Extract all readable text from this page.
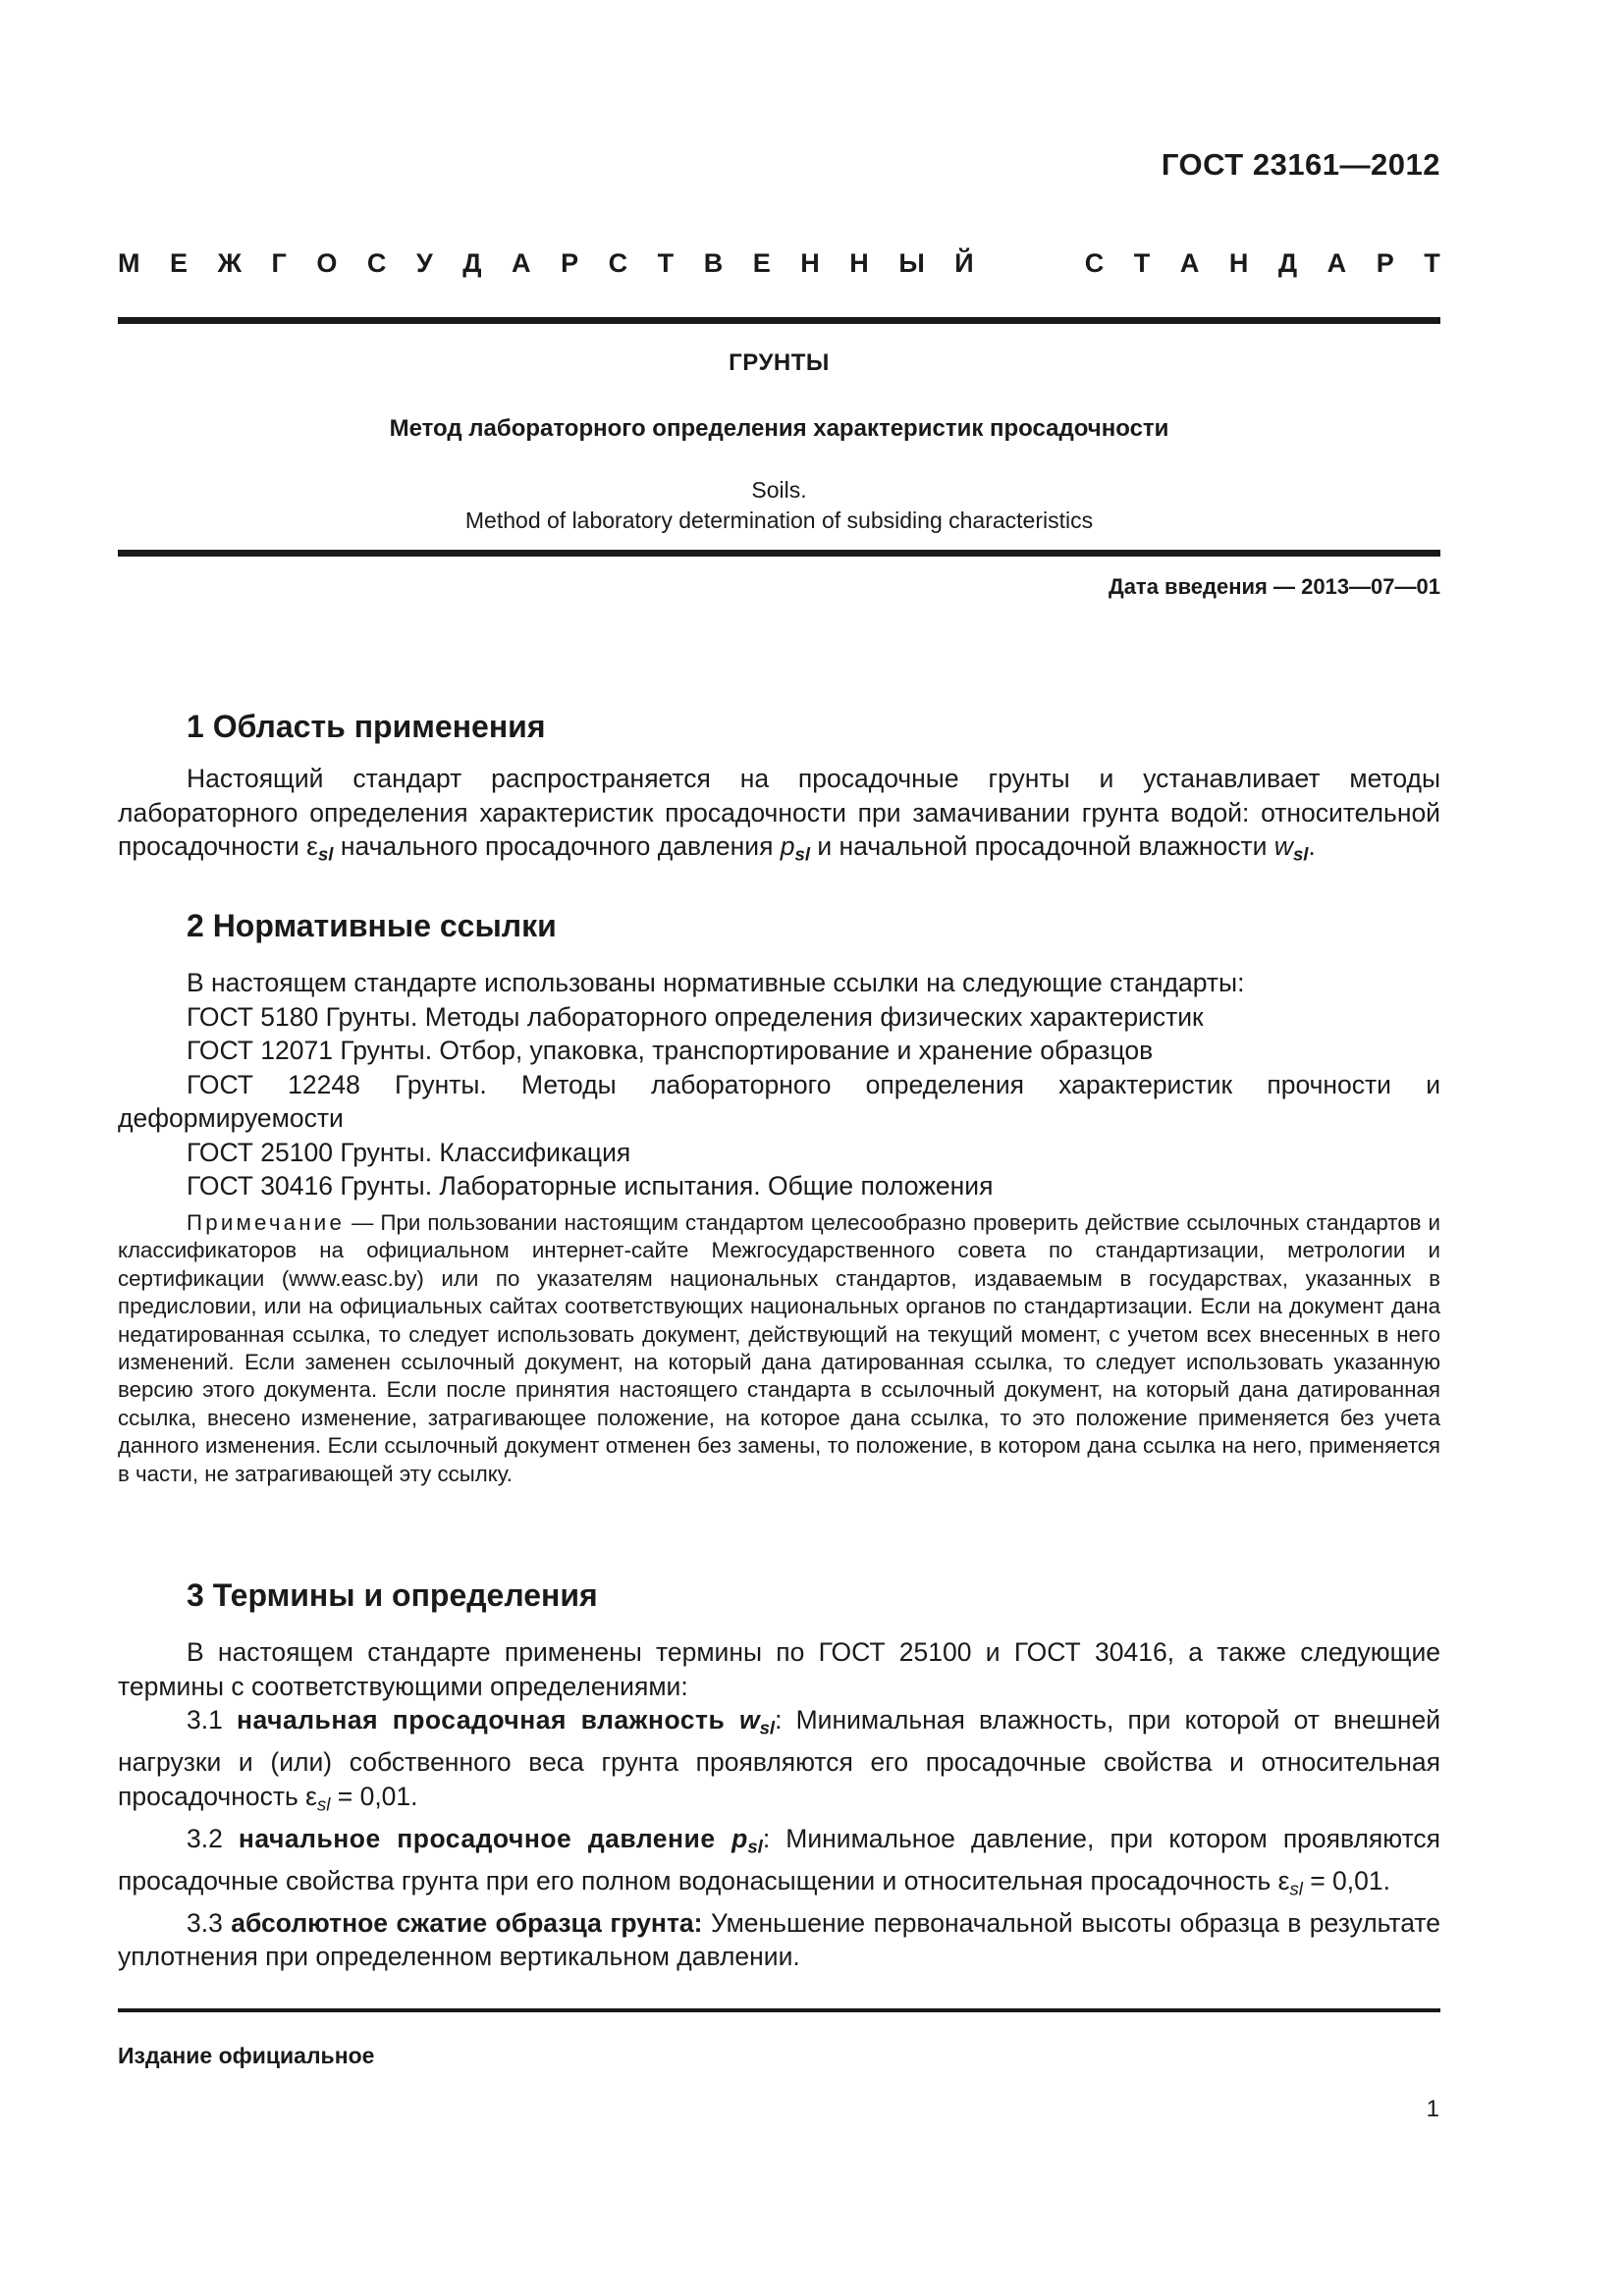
ГОСТ 23161—2012
М Е Ж Г О С У Д А Р С Т В Е Н Н Ы Й	С Т А Н Д А Р Т
ГРУНТЫ
Метод лабораторного определения характеристик просадочности
Soils.
Method of laboratory determination of subsiding characteristics
Дата введения — 2013—07—01
1 Область применения

Настоящий стандарт распространяется на просадочные грунты и устанавливает методы лабораторного определения характеристик просадочности при замачивании грунта водой: относительной просадочности $\varepsilon_{sl}$ начального просадочного давления $p_{sl}$ и начальной просадочной влажности $w_{sl}$.

2 Нормативные ссылки
В настоящем стандарте использованы нормативные ссылки на следующие стандарты:
ГОСТ 5180 Грунты. Методы лабораторного определения физических характеристик
ГОСТ 12071 Грунты. Отбор, упаковка, транспортирование и хранение образцов
ГОСТ 12248 Грунты. Методы лабораторного определения характеристик прочности и деформируемости
ГОСТ 25100 Грунты. Классификация
ГОСТ 30416 Грунты. Лабораторные испытания. Общие положения
Примечание — При пользовании настоящим стандартом целесообразно проверить действие ссылочных стандартов и классификаторов на официальном интернет-сайте Межгосударственного совета по стандартизации, метрологии и сертификации (www.easc.by) или по указателям национальных стандартов, издаваемым в государствах, указанных в предисловии, или на официальных сайтах соответствующих национальных органов по стандартизации. Если на документ дана недатированная ссылка, то следует использовать документ, действующий на текущий момент, с учетом всех внесенных в него изменений. Если заменен ссылочный документ, на который дана датированная ссылка, то следует использовать указанную версию этого документа. Если после принятия настоящего стандарта в ссылочный документ, на который дана датированная ссылка, внесено изменение, затрагивающее положение, на которое дана ссылка, то это положение применяется без учета данного изменения. Если ссылочный документ отменен без замены, то положение, в котором дана ссылка на него, применяется в части, не затрагивающей эту ссылку.
3 Термины и определения

В настоящем стандарте применены термины по ГОСТ 25100 и ГОСТ 30416, а также следующие термины с соответствующими определениями:

3.1 начальная просадочная влажность $w_{sl}$: Минимальная влажность, при которой от внешней нагрузки и (или) собственного веса грунта проявляются его просадочные свойства и относительная просадочность $\varepsilon_{sl} = 0,01$.

3.2 начальное просадочное давление $p_{sl}$: Минимальное давление, при котором проявляются просадочные свойства грунта при его полном водонасыщении и относительная просадочность $\varepsilon_{sl} = 0,01$.

3.3 абсолютное сжатие образца грунта: Уменьшение первоначальной высоты образца в результате уплотнения при определенном вертикальном давлении.

Издание официальное
1
